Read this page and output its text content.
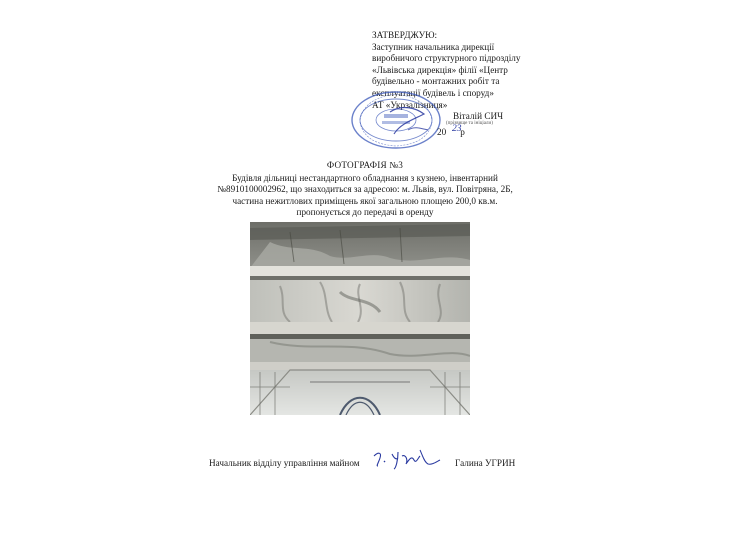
ЗАТВЕРДЖУЮ:
Заступник начальника дирекції
виробничого структурного підрозділу
«Львівська дирекція» філії «Центр
будівельно - монтажних робіт та
експлуатації будівель і споруд»
АТ «Укрзалізниця»
Віталій СИЧ
(прізвище та ініціали)
20 р
23
ФОТОГРАФІЯ №3
Будівля дільниці нестандартного обладнання з кузнею, інвентарний
№8910100002962, що знаходиться за адресою: м. Львів, вул. Повітряна, 2Б,
частина нежитлових приміщень якої загальною площею 200,0 кв.м.
пропонується до передачі в оренду
Начальник відділу управління майном	Галина УГРИН
